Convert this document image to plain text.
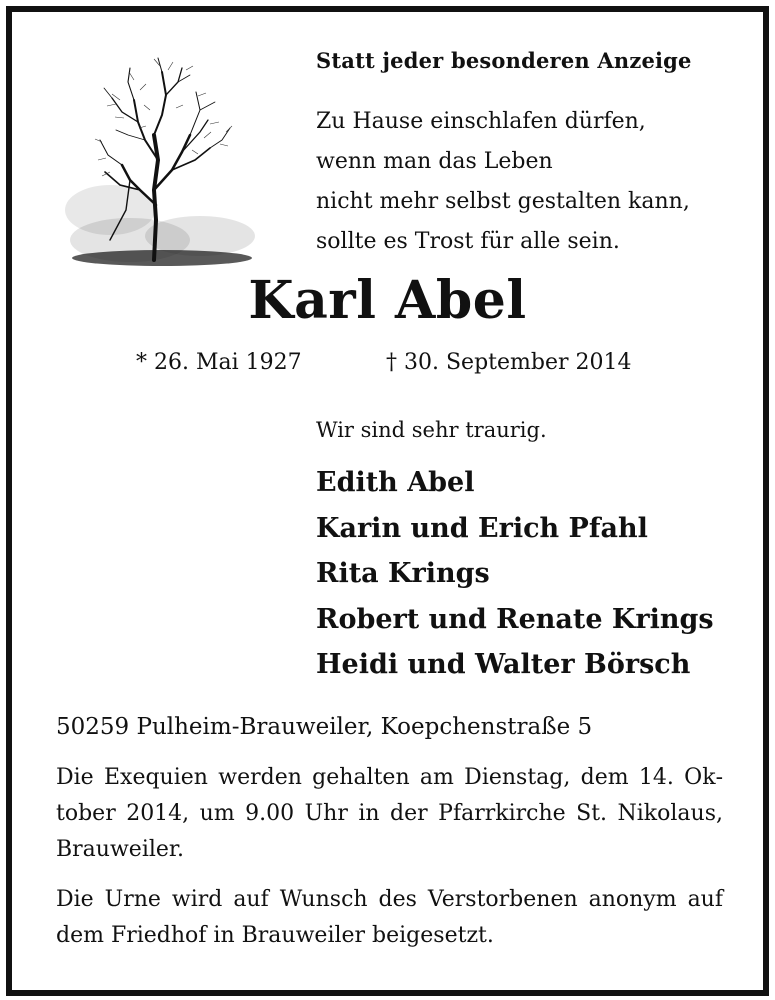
Statt jeder besonderen Anzeige
Zu Hause einschlafen dürfen,
wenn man das Leben
nicht mehr selbst gestalten kann,
sollte es Trost für alle sein.
Karl Abel
* 26. Mai 1927	† 30. September 2014
Wir sind sehr traurig.
Edith Abel
Karin und Erich Pfahl
Rita Krings
Robert und Renate Krings
Heidi und Walter Börsch
50259 Pulheim-Brauweiler, Koepchenstraße 5
Die Exequien werden gehalten am Dienstag, dem 14. Oktober 2014, um 9.00 Uhr in der Pfarrkirche St. Nikolaus, Brauweiler.
Die Urne wird auf Wunsch des Verstorbenen anonym auf dem Friedhof in Brauweiler beigesetzt.
